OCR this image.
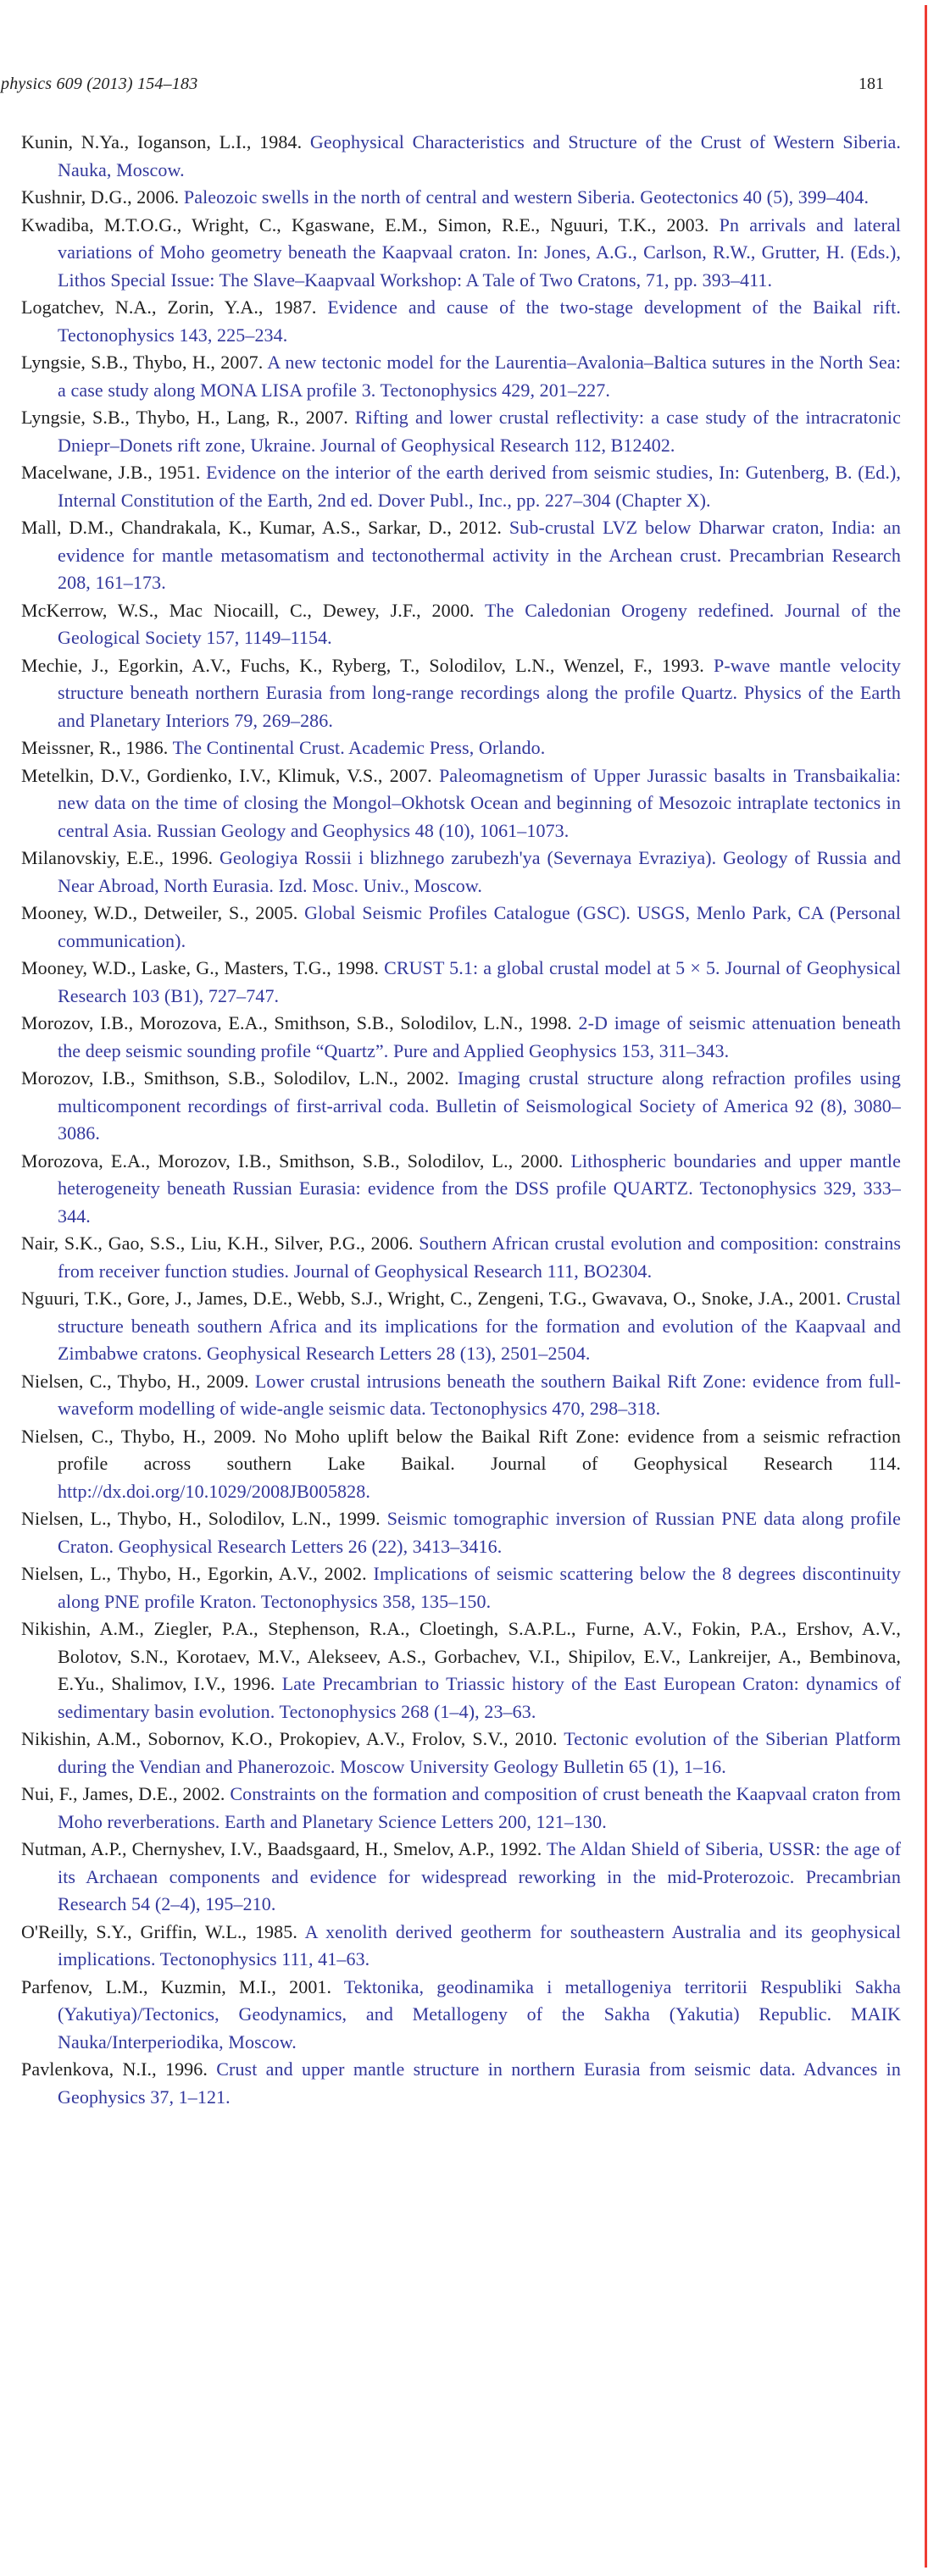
physics 609 (2013) 154–183	181

Kunin, N.Ya., Ioganson, L.I., 1984. Geophysical Characteristics and Structure of the Crust of Western Siberia. Nauka, Moscow.

Kushnir, D.G., 2006. Paleozoic swells in the north of central and western Siberia. Geotectonics 40 (5), 399–404.

Kwadiba, M.T.O.G., Wright, C., Kgaswane, E.M., Simon, R.E., Nguuri, T.K., 2003. Pn arrivals and lateral variations of Moho geometry beneath the Kaapvaal craton. In: Jones, A.G., Carlson, R.W., Grutter, H. (Eds.), Lithos Special Issue: The Slave–Kaapvaal Workshop: A Tale of Two Cratons, 71, pp. 393–411.

Logatchev, N.A., Zorin, Y.A., 1987. Evidence and cause of the two-stage development of the Baikal rift. Tectonophysics 143, 225–234.

Lyngsie, S.B., Thybo, H., 2007. A new tectonic model for the Laurentia–Avalonia–Baltica sutures in the North Sea: a case study along MONA LISA profile 3. Tectonophysics 429, 201–227.

Lyngsie, S.B., Thybo, H., Lang, R., 2007. Rifting and lower crustal reflectivity: a case study of the intracratonic Dniepr–Donets rift zone, Ukraine. Journal of Geophysical Research 112, B12402.

Macelwane, J.B., 1951. Evidence on the interior of the earth derived from seismic studies, In: Gutenberg, B. (Ed.), Internal Constitution of the Earth, 2nd ed. Dover Publ., Inc., pp. 227–304 (Chapter X).

Mall, D.M., Chandrakala, K., Kumar, A.S., Sarkar, D., 2012. Sub-crustal LVZ below Dharwar craton, India: an evidence for mantle metasomatism and tectonothermal activity in the Archean crust. Precambrian Research 208, 161–173.

McKerrow, W.S., Mac Niocaill, C., Dewey, J.F., 2000. The Caledonian Orogeny redefined. Journal of the Geological Society 157, 1149–1154.

Mechie, J., Egorkin, A.V., Fuchs, K., Ryberg, T., Solodilov, L.N., Wenzel, F., 1993. P-wave mantle velocity structure beneath northern Eurasia from long-range recordings along the profile Quartz. Physics of the Earth and Planetary Interiors 79, 269–286.

Meissner, R., 1986. The Continental Crust. Academic Press, Orlando.

Metelkin, D.V., Gordienko, I.V., Klimuk, V.S., 2007. Paleomagnetism of Upper Jurassic basalts in Transbaikalia: new data on the time of closing the Mongol–Okhotsk Ocean and beginning of Mesozoic intraplate tectonics in central Asia. Russian Geology and Geophysics 48 (10), 1061–1073.

Milanovskiy, E.E., 1996. Geologiya Rossii i blizhnego zarubezh'ya (Severnaya Evraziya). Geology of Russia and Near Abroad, North Eurasia. Izd. Mosc. Univ., Moscow.

Mooney, W.D., Detweiler, S., 2005. Global Seismic Profiles Catalogue (GSC). USGS, Menlo Park, CA (Personal communication).

Mooney, W.D., Laske, G., Masters, T.G., 1998. CRUST 5.1: a global crustal model at 5 × 5. Journal of Geophysical Research 103 (B1), 727–747.

Morozov, I.B., Morozova, E.A., Smithson, S.B., Solodilov, L.N., 1998. 2-D image of seismic attenuation beneath the deep seismic sounding profile “Quartz”. Pure and Applied Geophysics 153, 311–343.

Morozov, I.B., Smithson, S.B., Solodilov, L.N., 2002. Imaging crustal structure along refraction profiles using multicomponent recordings of first-arrival coda. Bulletin of Seismological Society of America 92 (8), 3080–3086.

Morozova, E.A., Morozov, I.B., Smithson, S.B., Solodilov, L., 2000. Lithospheric boundaries and upper mantle heterogeneity beneath Russian Eurasia: evidence from the DSS profile QUARTZ. Tectonophysics 329, 333–344.

Nair, S.K., Gao, S.S., Liu, K.H., Silver, P.G., 2006. Southern African crustal evolution and composition: constrains from receiver function studies. Journal of Geophysical Research 111, BO2304.

Nguuri, T.K., Gore, J., James, D.E., Webb, S.J., Wright, C., Zengeni, T.G., Gwavava, O., Snoke, J.A., 2001. Crustal structure beneath southern Africa and its implications for the formation and evolution of the Kaapvaal and Zimbabwe cratons. Geophysical Research Letters 28 (13), 2501–2504.

Nielsen, C., Thybo, H., 2009. Lower crustal intrusions beneath the southern Baikal Rift Zone: evidence from full-waveform modelling of wide-angle seismic data. Tectonophysics 470, 298–318.

Nielsen, C., Thybo, H., 2009. No Moho uplift below the Baikal Rift Zone: evidence from a seismic refraction profile across southern Lake Baikal. Journal of Geophysical Research 114. http://dx.doi.org/10.1029/2008JB005828.

Nielsen, L., Thybo, H., Solodilov, L.N., 1999. Seismic tomographic inversion of Russian PNE data along profile Craton. Geophysical Research Letters 26 (22), 3413–3416.

Nielsen, L., Thybo, H., Egorkin, A.V., 2002. Implications of seismic scattering below the 8 degrees discontinuity along PNE profile Kraton. Tectonophysics 358, 135–150.

Nikishin, A.M., Ziegler, P.A., Stephenson, R.A., Cloetingh, S.A.P.L., Furne, A.V., Fokin, P.A., Ershov, A.V., Bolotov, S.N., Korotaev, M.V., Alekseev, A.S., Gorbachev, V.I., Shipilov, E.V., Lankreijer, A., Bembinova, E.Yu., Shalimov, I.V., 1996. Late Precambrian to Triassic history of the East European Craton: dynamics of sedimentary basin evolution. Tectonophysics 268 (1–4), 23–63.

Nikishin, A.M., Sobornov, K.O., Prokopiev, A.V., Frolov, S.V., 2010. Tectonic evolution of the Siberian Platform during the Vendian and Phanerozoic. Moscow University Geology Bulletin 65 (1), 1–16.

Nui, F., James, D.E., 2002. Constraints on the formation and composition of crust beneath the Kaapvaal craton from Moho reverberations. Earth and Planetary Science Letters 200, 121–130.

Nutman, A.P., Chernyshev, I.V., Baadsgaard, H., Smelov, A.P., 1992. The Aldan Shield of Siberia, USSR: the age of its Archaean components and evidence for widespread reworking in the mid-Proterozoic. Precambrian Research 54 (2–4), 195–210.

O'Reilly, S.Y., Griffin, W.L., 1985. A xenolith derived geotherm for southeastern Australia and its geophysical implications. Tectonophysics 111, 41–63.

Parfenov, L.M., Kuzmin, M.I., 2001. Tektonika, geodinamika i metallogeniya territorii Respubliki Sakha (Yakutiya)/Tectonics, Geodynamics, and Metallogeny of the Sakha (Yakutia) Republic. MAIK Nauka/Interperiodika, Moscow.

Pavlenkova, N.I., 1996. Crust and upper mantle structure in northern Eurasia from seismic data. Advances in Geophysics 37, 1–121.
